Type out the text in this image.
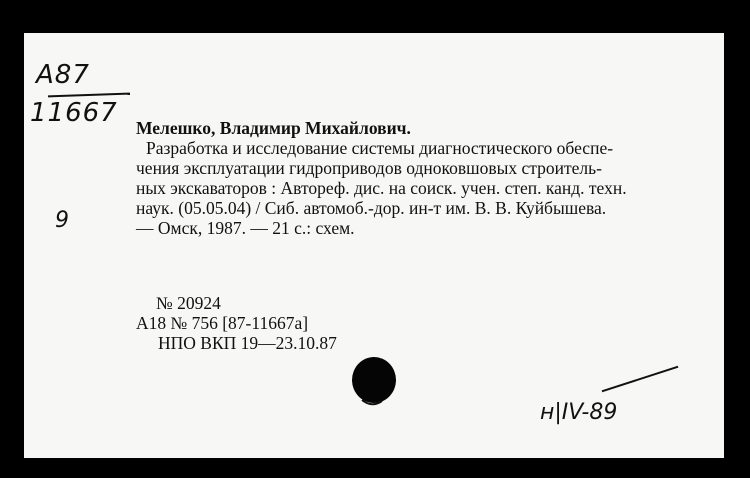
А87
11667
9
Мелешко, Владимир Михайлович.
Разработка и исследование системы диагностического обеспе-
чения эксплуатации гидроприводов одноковшовых строитель-
ных экскаваторов : Автореф. дис. на соиск. учен. степ. канд. техн.
наук. (05.05.04) / Сиб. автомоб.-дор. ин-т им. В. В. Куйбышева.
— Омск, 1987. — 21 с.: схем.
№ 20924
А18 № 756 [87-11667а]
НПО ВКП 19—23.10.87
н|IV-89
